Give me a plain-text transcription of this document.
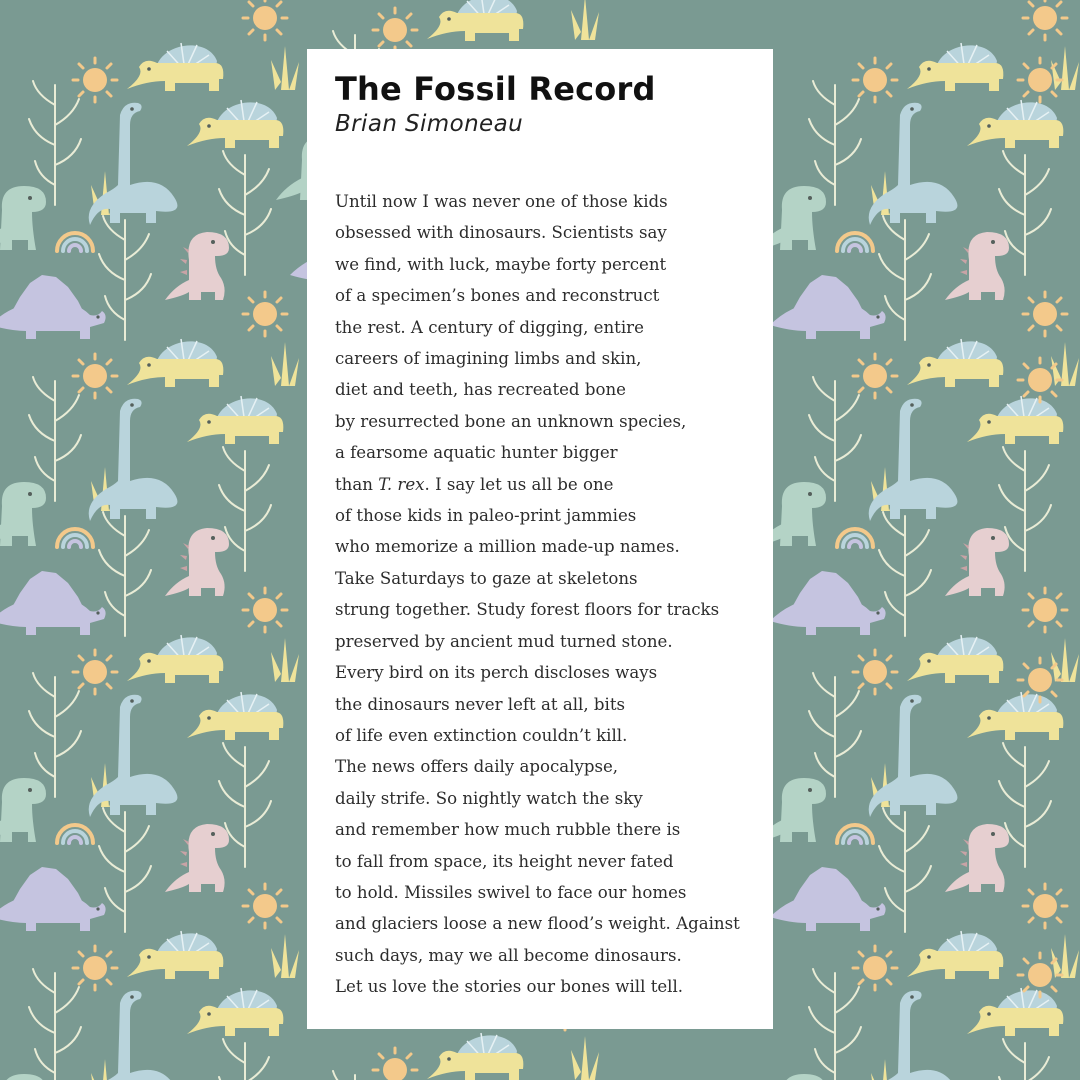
The Fossil Record
Brian Simoneau
Until now I was never one of those kids
obsessed with dinosaurs. Scientists say
we find, with luck, maybe forty percent
of a specimen’s bones and reconstruct
the rest. A century of digging, entire
careers of imagining limbs and skin,
diet and teeth, has recreated bone
by resurrected bone an unknown species,
a fearsome aquatic hunter bigger
than T. rex. I say let us all be one
of those kids in paleo-print jammies
who memorize a million made-up names.
Take Saturdays to gaze at skeletons
strung together. Study forest floors for tracks
preserved by ancient mud turned stone.
Every bird on its perch discloses ways
the dinosaurs never left at all, bits
of life even extinction couldn’t kill.
The news offers daily apocalypse,
daily strife. So nightly watch the sky
and remember how much rubble there is
to fall from space, its height never fated
to hold. Missiles swivel to face our homes
and glaciers loose a new flood’s weight. Against
such days, may we all become dinosaurs.
Let us love the stories our bones will tell.
